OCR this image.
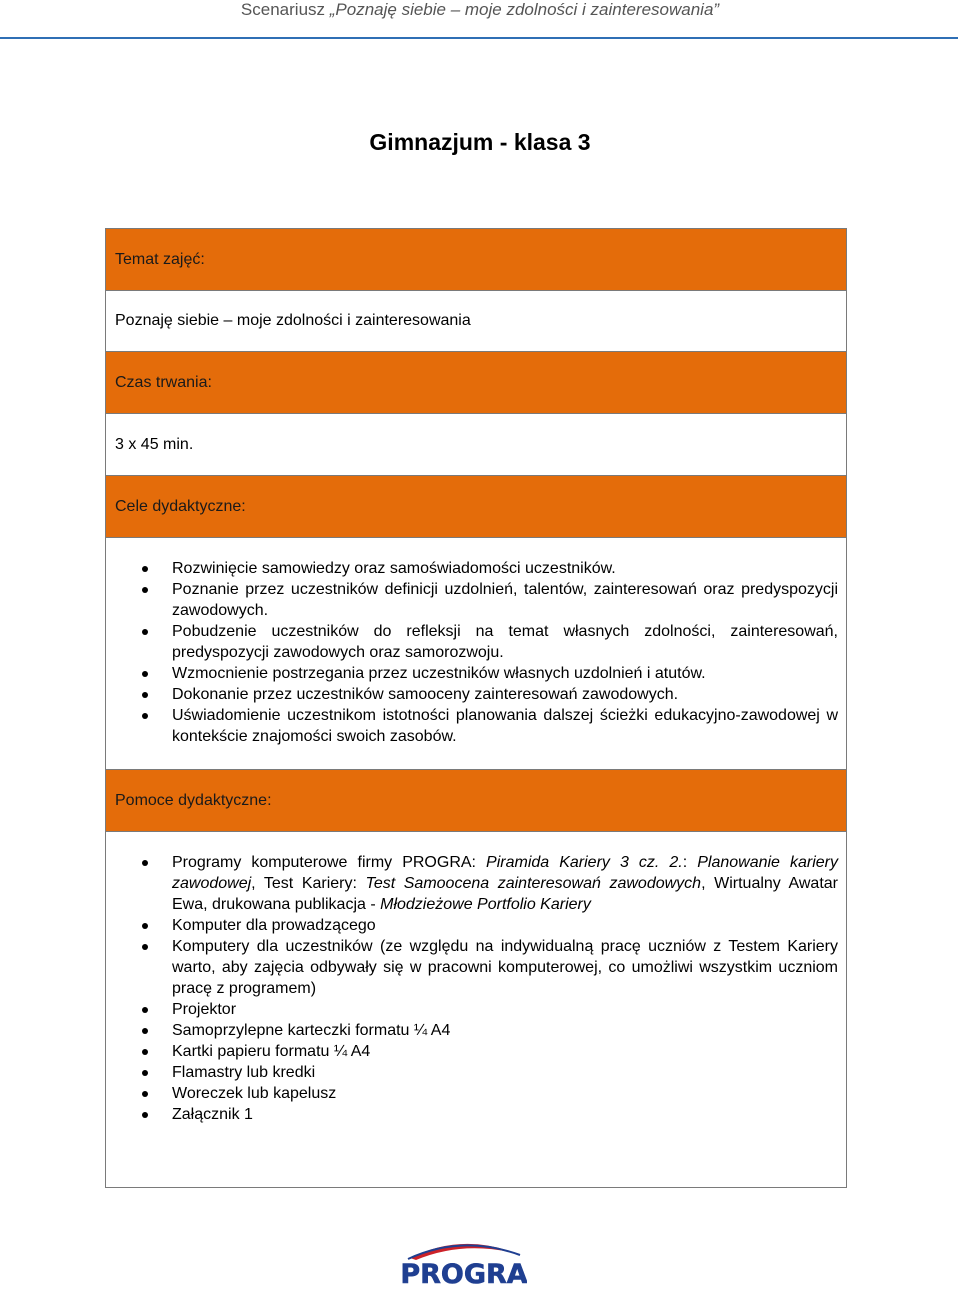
Scenariusz „Poznaję siebie – moje zdolności i zainteresowania”
Gimnazjum - klasa 3
Temat zajęć:
Poznaję siebie – moje zdolności i zainteresowania
Czas trwania:
3 x 45 min.
Cele dydaktyczne:
Rozwinięcie samowiedzy oraz samoświadomości uczestników.
Poznanie przez uczestników definicji uzdolnień, talentów, zainteresowań oraz predyspozycji zawodowych.
Pobudzenie uczestników do refleksji na temat własnych zdolności, zainteresowań, predyspozycji zawodowych oraz samorozwoju.
Wzmocnienie postrzegania przez uczestników własnych uzdolnień i atutów.
Dokonanie przez uczestników samooceny zainteresowań zawodowych.
Uświadomienie uczestnikom istotności planowania dalszej ścieżki edukacyjno-zawodowej w kontekście znajomości swoich zasobów.
Pomoce dydaktyczne:
Programy komputerowe firmy PROGRA: Piramida Kariery 3 cz. 2.: Planowanie kariery zawodowej, Test Kariery: Test Samoocena zainteresowań zawodowych, Wirtualny Awatar Ewa, drukowana publikacja - Młodzieżowe Portfolio Kariery
Komputer dla prowadzącego
Komputery dla uczestników (ze względu na indywidualną pracę uczniów z Testem Kariery warto, aby zajęcia odbywały się w pracowni komputerowej, co umożliwi wszystkim uczniom pracę z programem)
Projektor
Samoprzylepne karteczki formatu ¼ A4
Kartki papieru formatu ¼ A4
Flamastry lub kredki
Woreczek lub kapelusz
Załącznik 1
PROGRA
